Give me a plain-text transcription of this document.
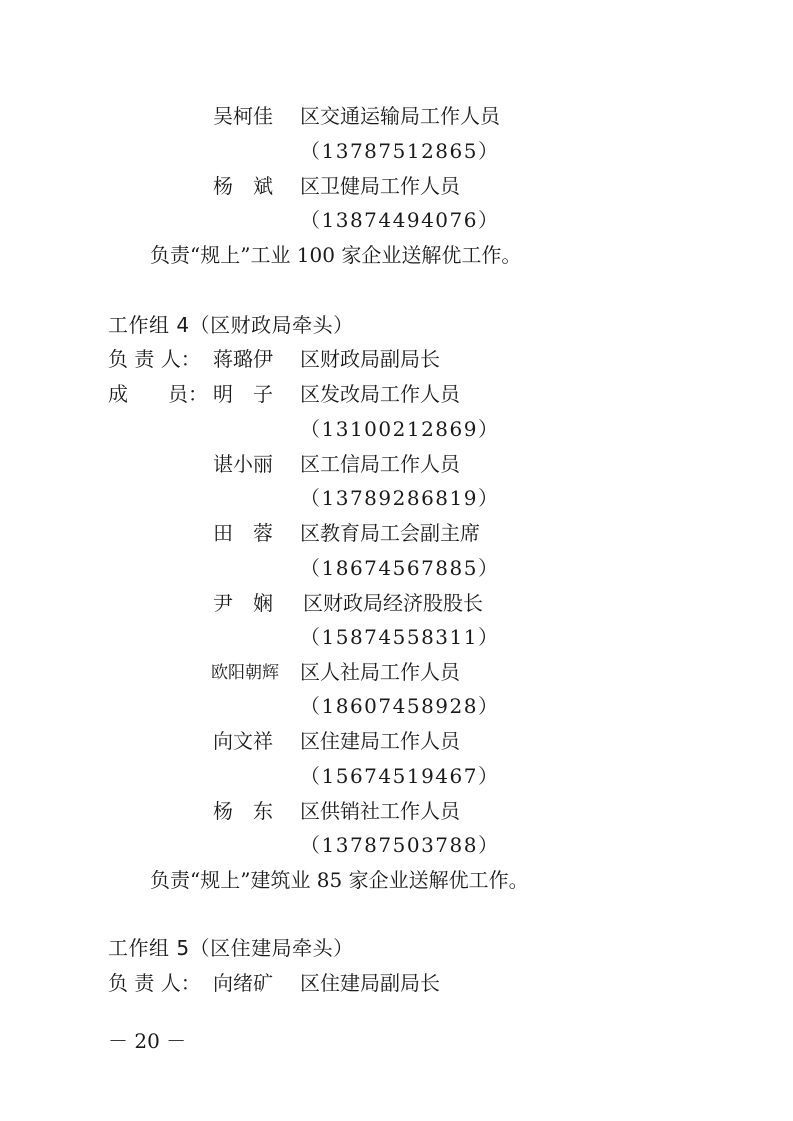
吴柯佳 区交通运输局工作人员
（13787512865）
杨　斌 区卫健局工作人员
（13874494076）
负责“规上”工业 100 家企业送解优工作。
工作组 4（区财政局牵头）
负 责 人： 蒋璐伊 区财政局副局长
成　　员： 明　子 区发改局工作人员
（13100212869）
谌小丽 区工信局工作人员
（13789286819）
田　蓉 区教育局工会副主席
（18674567885）
尹　娴 区财政局经济股股长
（15874558311）
欧阳朝辉 区人社局工作人员
（18607458928）
向文祥 区住建局工作人员
（15674519467）
杨　东 区供销社工作人员
（13787503788）
负责“规上”建筑业 85 家企业送解优工作。
工作组 5（区住建局牵头）
负 责 人： 向绪矿 区住建局副局长
－ 20 －
